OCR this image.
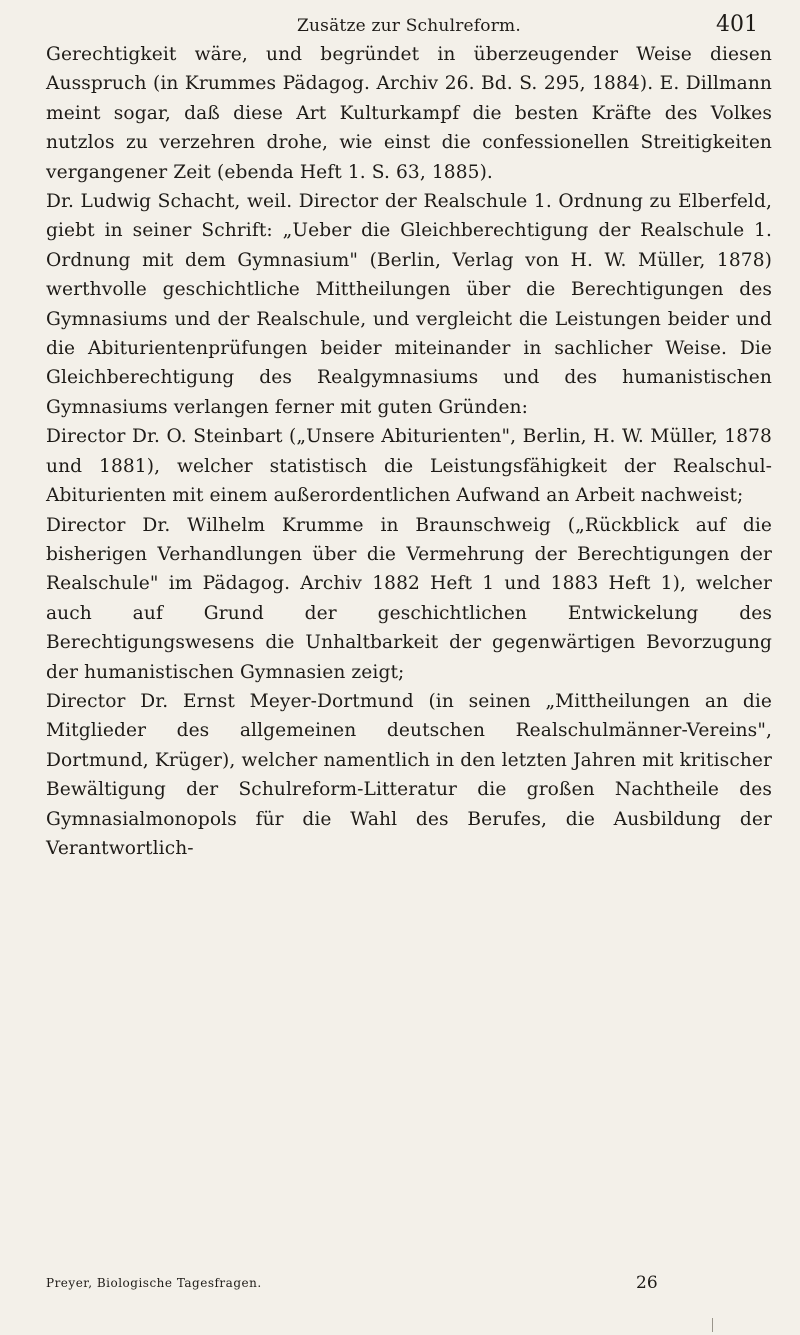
Zusätze zur Schulreform.	401

Gerechtigkeit wäre, und begründet in überzeugender Weise diesen Ausspruch (in Krummes Pädagog. Archiv 26. Bd. S. 295, 1884). E. Dillmann meint sogar, daß diese Art Kulturkampf die besten Kräfte des Volkes nutzlos zu verzehren drohe, wie einst die confessionellen Streitigkeiten vergangener Zeit (ebenda Heft 1. S. 63, 1885).

Dr. Ludwig Schacht, weil. Director der Realschule 1. Ordnung zu Elberfeld, giebt in seiner Schrift: „Ueber die Gleichberechtigung der Realschule 1. Ordnung mit dem Gymnasium" (Berlin, Verlag von H. W. Müller, 1878) werthvolle geschichtliche Mittheilungen über die Berechtigungen des Gymnasiums und der Realschule, und vergleicht die Leistungen beider und die Abiturientenprüfungen beider miteinander in sachlicher Weise. Die Gleichberechtigung des Realgymnasiums und des humanistischen Gymnasiums verlangen ferner mit guten Gründen:

Director Dr. O. Steinbart („Unsere Abiturienten", Berlin, H. W. Müller, 1878 und 1881), welcher statistisch die Leistungsfähigkeit der Realschul-Abiturienten mit einem außerordentlichen Aufwand an Arbeit nachweist;

Director Dr. Wilhelm Krumme in Braunschweig („Rückblick auf die bisherigen Verhandlungen über die Vermehrung der Berechtigungen der Realschule" im Pädagog. Archiv 1882 Heft 1 und 1883 Heft 1), welcher auch auf Grund der geschichtlichen Entwickelung des Berechtigungswesens die Unhaltbarkeit der gegenwärtigen Bevorzugung der humanistischen Gymnasien zeigt;

Director Dr. Ernst Meyer-Dortmund (in seinen „Mittheilungen an die Mitglieder des allgemeinen deutschen Realschulmänner-Vereins", Dortmund, Krüger), welcher namentlich in den letzten Jahren mit kritischer Bewältigung der Schulreform-Litteratur die großen Nachtheile des Gymnasialmonopols für die Wahl des Berufes, die Ausbildung der Verantwortlich-

Preyer, Biologische Tagesfragen.	26
